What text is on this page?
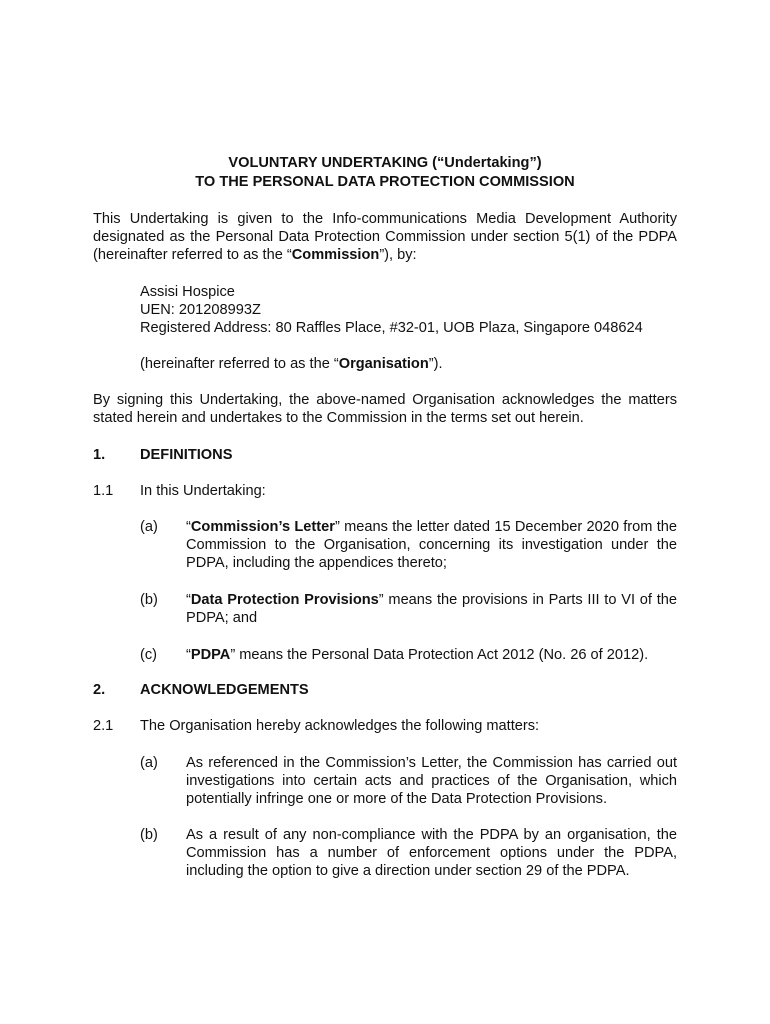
VOLUNTARY UNDERTAKING (“Undertaking”)
TO THE PERSONAL DATA PROTECTION COMMISSION
This Undertaking is given to the Info-communications Media Development Authority designated as the Personal Data Protection Commission under section 5(1) of the PDPA (hereinafter referred to as the “Commission”), by:
Assisi Hospice
UEN: 201208993Z
Registered Address: 80 Raffles Place, #32-01, UOB Plaza, Singapore 048624
(hereinafter referred to as the “Organisation”).
By signing this Undertaking, the above-named Organisation acknowledges the matters stated herein and undertakes to the Commission in the terms set out herein.
1. DEFINITIONS
1.1 In this Undertaking:
(a) “Commission’s Letter” means the letter dated 15 December 2020 from the Commission to the Organisation, concerning its investigation under the PDPA, including the appendices thereto;
(b) “Data Protection Provisions” means the provisions in Parts III to VI of the PDPA; and
(c) “PDPA” means the Personal Data Protection Act 2012 (No. 26 of 2012).
2. ACKNOWLEDGEMENTS
2.1 The Organisation hereby acknowledges the following matters:
(a) As referenced in the Commission’s Letter, the Commission has carried out investigations into certain acts and practices of the Organisation, which potentially infringe one or more of the Data Protection Provisions.
(b) As a result of any non-compliance with the PDPA by an organisation, the Commission has a number of enforcement options under the PDPA, including the option to give a direction under section 29 of the PDPA.
